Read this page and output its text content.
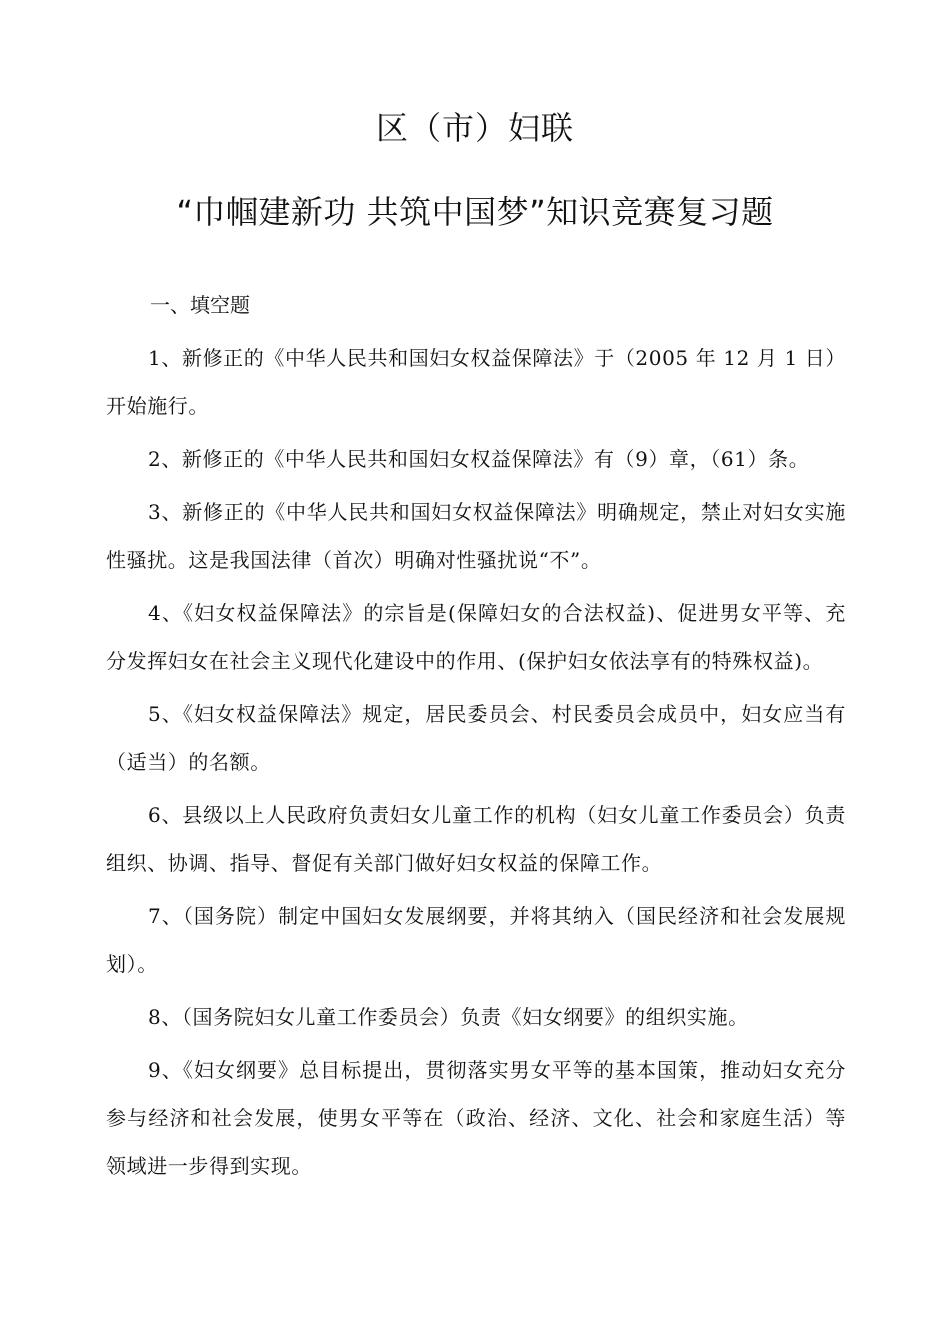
区（市）妇联
“巾帼建新功 共筑中国梦”知识竞赛复习题
一、填空题

1、新修正的《中华人民共和国妇女权益保障法》于（2005 年 12 月 1 日）开始施行。

2、新修正的《中华人民共和国妇女权益保障法》有（9）章，（61）条。

3、新修正的《中华人民共和国妇女权益保障法》明确规定，禁止对妇女实施性骚扰。这是我国法律（首次）明确对性骚扰说“不”。

4、《妇女权益保障法》的宗旨是(保障妇女的合法权益)、促进男女平等、充分发挥妇女在社会主义现代化建设中的作用、(保护妇女依法享有的特殊权益)。

5、《妇女权益保障法》规定，居民委员会、村民委员会成员中，妇女应当有（适当）的名额。

6、县级以上人民政府负责妇女儿童工作的机构（妇女儿童工作委员会）负责组织、协调、指导、督促有关部门做好妇女权益的保障工作。

7、（国务院）制定中国妇女发展纲要，并将其纳入（国民经济和社会发展规划）。

8、（国务院妇女儿童工作委员会）负责《妇女纲要》的组织实施。

9、《妇女纲要》总目标提出，贯彻落实男女平等的基本国策，推动妇女充分参与经济和社会发展，使男女平等在（政治、经济、文化、社会和家庭生活）等领域进一步得到实现。
